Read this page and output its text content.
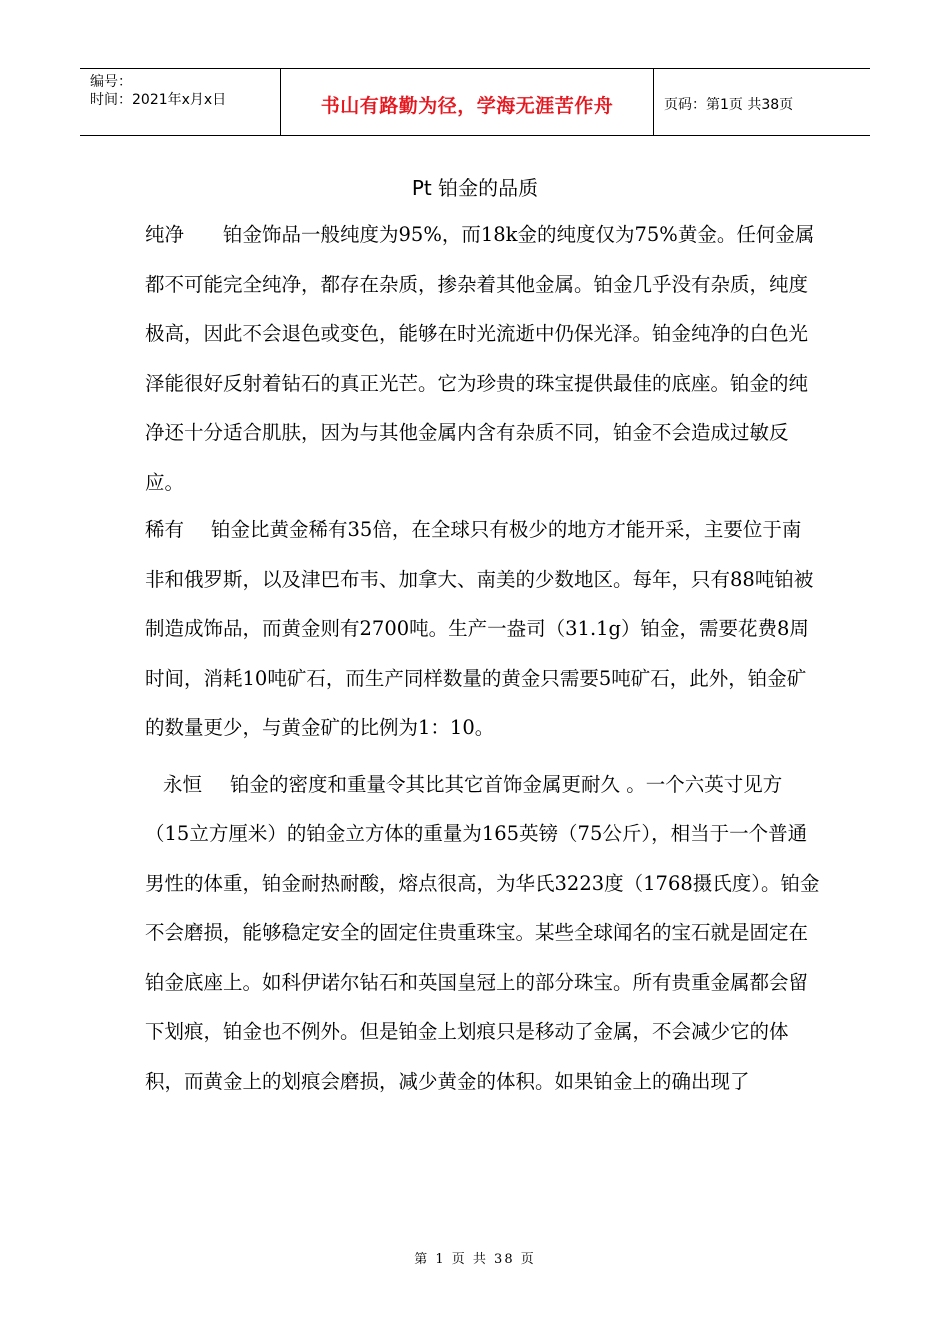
编号：
时间：2021年x月x日	书山有路勤为径，学海无涯苦作舟	页码：第1页 共38页
Pt 铂金的品质

纯净 铂金饰品一般纯度为95%，而18k金的纯度仅为75%黄金。任何金属都不可能完全纯净，都存在杂质，掺杂着其他金属。铂金几乎没有杂质，纯度极高，因此不会退色或变色，能够在时光流逝中仍保光泽。铂金纯净的白色光泽能很好反射着钻石的真正光芒。它为珍贵的珠宝提供最佳的底座。铂金的纯净还十分适合肌肤，因为与其他金属内含有杂质不同，铂金不会造成过敏反应。

稀有 铂金比黄金稀有35倍，在全球只有极少的地方才能开采，主要位于南非和俄罗斯，以及津巴布韦、加拿大、南美的少数地区。每年，只有88吨铂被制造成饰品，而黄金则有2700吨。生产一盎司（31.1g）铂金，需要花费8周时间，消耗10吨矿石，而生产同样数量的黄金只需要5吨矿石，此外，铂金矿的数量更少，与黄金矿的比例为1：10。

永恒 铂金的密度和重量令其比其它首饰金属更耐久 。一个六英寸见方（15立方厘米）的铂金立方体的重量为165英镑（75公斤），相当于一个普通男性的体重，铂金耐热耐酸，熔点很高，为华氏3223度（1768摄氏度）。铂金不会磨损，能够稳定安全的固定住贵重珠宝。某些全球闻名的宝石就是固定在铂金底座上。如科伊诺尔钻石和英国皇冠上的部分珠宝。所有贵重金属都会留下划痕，铂金也不例外。但是铂金上划痕只是移动了金属，不会减少它的体积，而黄金上的划痕会磨损，减少黄金的体积。如果铂金上的确出现了

第 1 页 共 38 页
